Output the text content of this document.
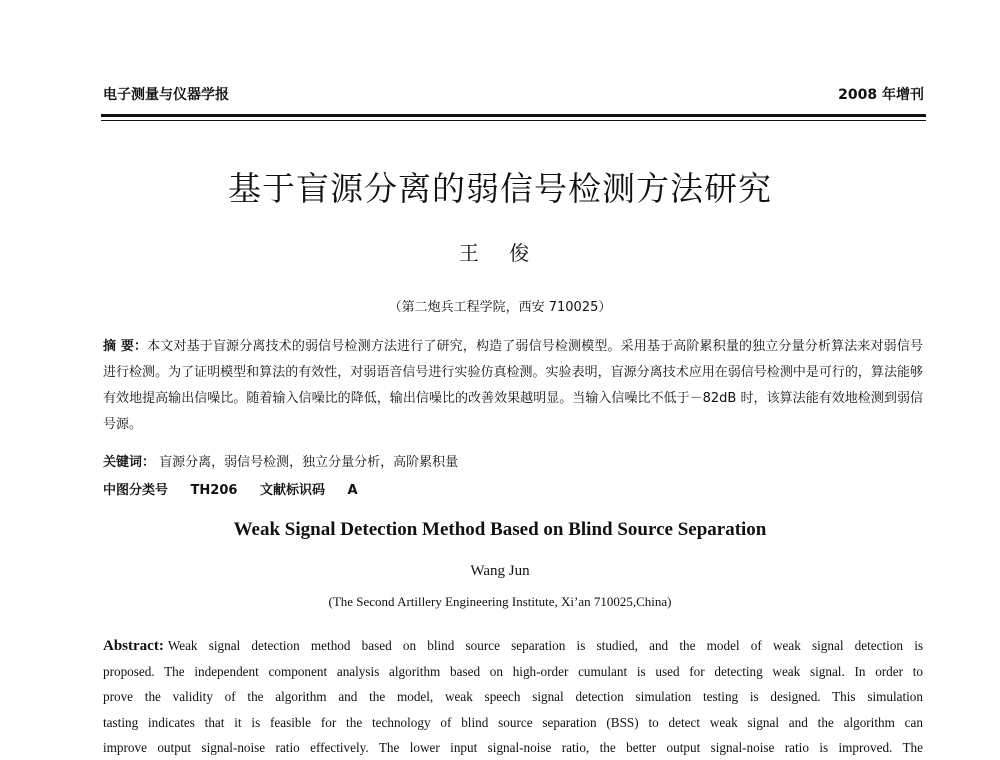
电子测量与仪器学报	2008 年增刊
基于盲源分离的弱信号检测方法研究
王 俊
（第二炮兵工程学院，西安 710025）
摘 要：本文对基于盲源分离技术的弱信号检测方法进行了研究，构造了弱信号检测模型。采用基于高阶累积量的独立分量分析算法来对弱信号进行检测。为了证明模型和算法的有效性，对弱语音信号进行实验仿真检测。实验表明，盲源分离技术应用在弱信号检测中是可行的，算法能够有效地提高输出信噪比。随着输入信噪比的降低，输出信噪比的改善效果越明显。当输入信噪比不低于－82dB 时，该算法能有效地检测到弱信号源。
关键词： 盲源分离，弱信号检测，独立分量分析，高阶累积量
中图分类号 TH206 文献标识码 A
Weak Signal Detection Method Based on Blind Source Separation
Wang Jun
(The Second Artillery Engineering Institute, Xi’an 710025,China)
Abstract: Weak signal detection method based on blind source separation is studied, and the model of weak signal detection is
proposed. The independent component analysis algorithm based on high-order cumulant is used for detecting weak signal. In order to
prove the validity of the algorithm and the model, weak speech signal detection simulation testing is designed. This simulation
tasting indicates that it is feasible for the technology of blind source separation (BSS) to detect weak signal and the algorithm can
improve output signal-noise ratio effectively. The lower input signal-noise ratio, the better output signal-noise ratio is improved. The
